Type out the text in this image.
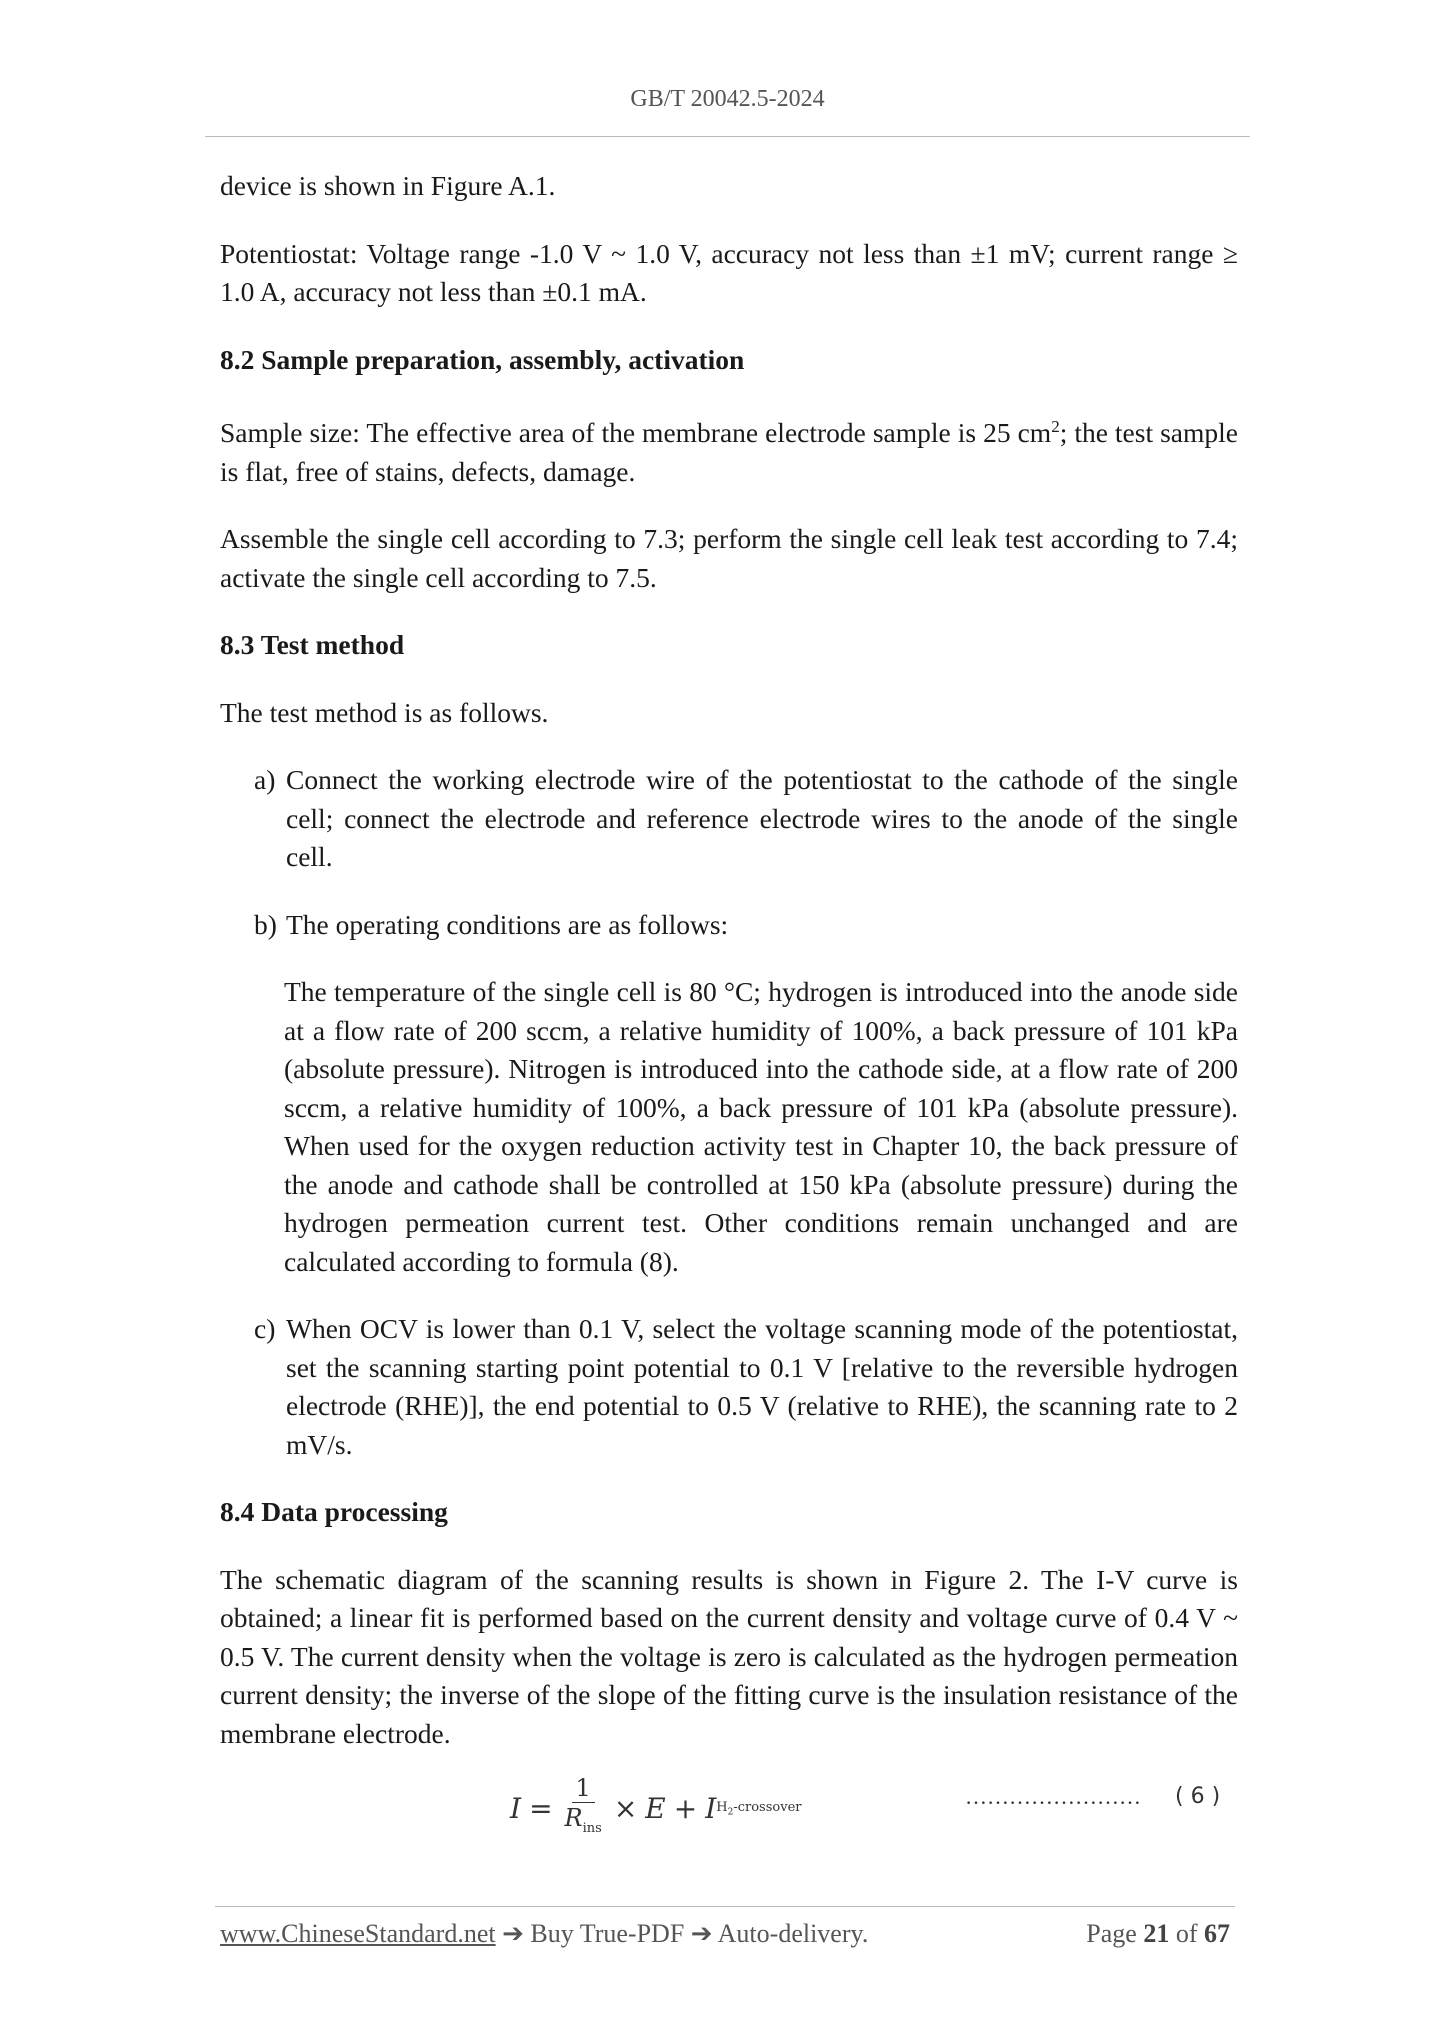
GB/T 20042.5-2024

device is shown in Figure A.1.

Potentiostat: Voltage range -1.0 V ~ 1.0 V, accuracy not less than ±1 mV; current range ≥ 1.0 A, accuracy not less than ±0.1 mA.

8.2 Sample preparation, assembly, activation

Sample size: The effective area of the membrane electrode sample is 25 $cm^2$; the test sample is flat, free of stains, defects, damage.

Assemble the single cell according to 7.3; perform the single cell leak test according to 7.4; activate the single cell according to 7.5.

8.3 Test method

The test method is as follows.

a) Connect the working electrode wire of the potentiostat to the cathode of the single cell; connect the electrode and reference electrode wires to the anode of the single cell.
b) The operating conditions are as follows:

The temperature of the single cell is 80 °C; hydrogen is introduced into the anode side at a flow rate of 200 sccm, a relative humidity of 100%, a back pressure of 101 kPa (absolute pressure). Nitrogen is introduced into the cathode side, at a flow rate of 200 sccm, a relative humidity of 100%, a back pressure of 101 kPa (absolute pressure). When used for the oxygen reduction activity test in Chapter 10, the back pressure of the anode and cathode shall be controlled at 150 kPa (absolute pressure) during the hydrogen permeation current test. Other conditions remain unchanged and are calculated according to formula (8).

c) When OCV is lower than 0.1 V, select the voltage scanning mode of the potentiostat, set the scanning starting point potential to 0.1 V [relative to the reversible hydrogen electrode (RHE)], the end potential to 0.5 V (relative to RHE), the scanning rate to 2 mV/s.
8.4 Data processing

The schematic diagram of the scanning results is shown in Figure 2. The I-V curve is obtained; a linear fit is performed based on the current density and voltage curve of 0.4 V ~ 0.5 V. The current density when the voltage is zero is calculated as the hydrogen permeation current density; the inverse of the slope of the fitting curve is the insulation resistance of the membrane electrode.

$I = \frac{1}{R_{ins}} \times E + I$ $H_2$-crossover	…………………… ( 6 )
www.ChineseStandard.net ➔ Buy True-PDF ➔ Auto-delivery.	Page 21 of 67
